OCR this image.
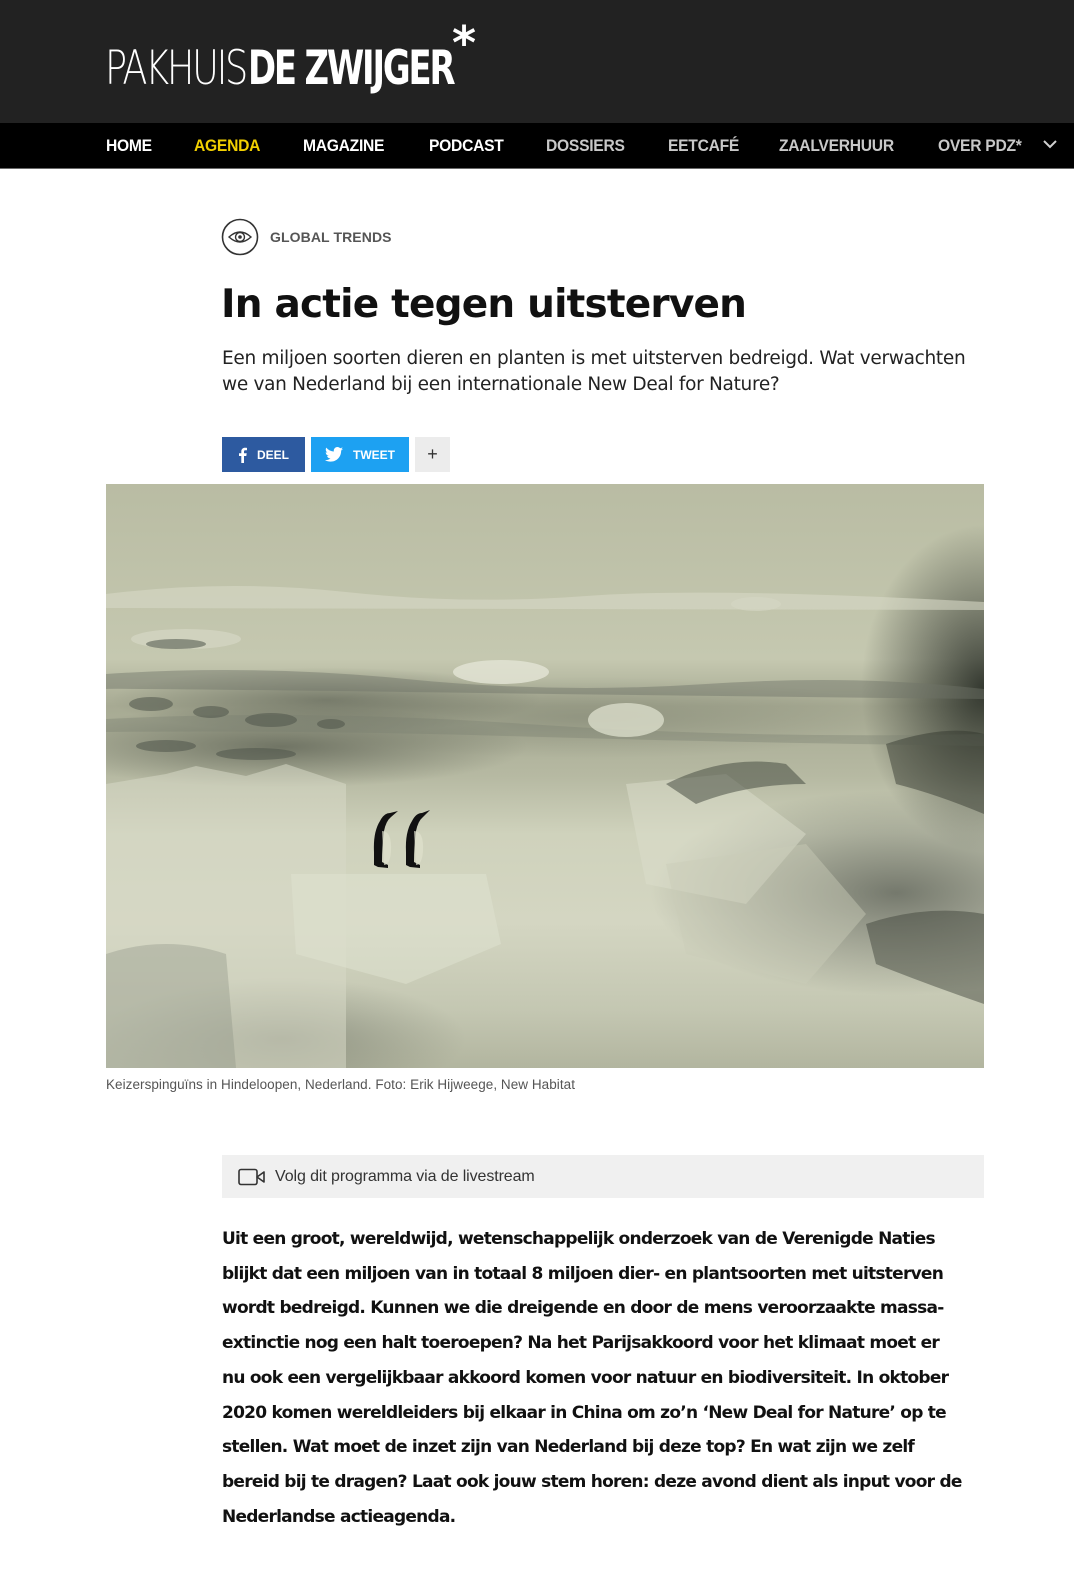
PAKHUIS DE ZWIJGER
*
HOME AGENDA	MAGAZINE	PODCAST DOSSIERS	EETCAFÉ ZAALVERHUUR	OVER PDZ*
GLOBAL TRENDS
In actie tegen uitsterven

Een miljoen soorten dieren en planten is met uitsterven bedreigd. Wat verwachten we van Nederland bij een internationale New Deal for Nature?

DEEL	TWEET	+
Keizerspinguïns in Hindeloopen, Nederland. Foto: Erik Hijweege, New Habitat
Volg dit programma via de livestream
Uit een groot, wereldwijd, wetenschappelijk onderzoek van de Verenigde Naties
blijkt dat een miljoen van in totaal 8 miljoen dier- en plantsoorten met uitsterven
wordt bedreigd. Kunnen we die dreigende en door de mens veroorzaakte massa-
extinctie nog een halt toeroepen? Na het Parijsakkoord voor het klimaat moet er
nu ook een vergelijkbaar akkoord komen voor natuur en biodiversiteit. In oktober
2020 komen wereldleiders bij elkaar in China om zo’n ‘New Deal for Nature’ op te
stellen. Wat moet de inzet zijn van Nederland bij deze top? En wat zijn we zelf
bereid bij te dragen? Laat ook jouw stem horen: deze avond dient als input voor de
Nederlandse actieagenda.
